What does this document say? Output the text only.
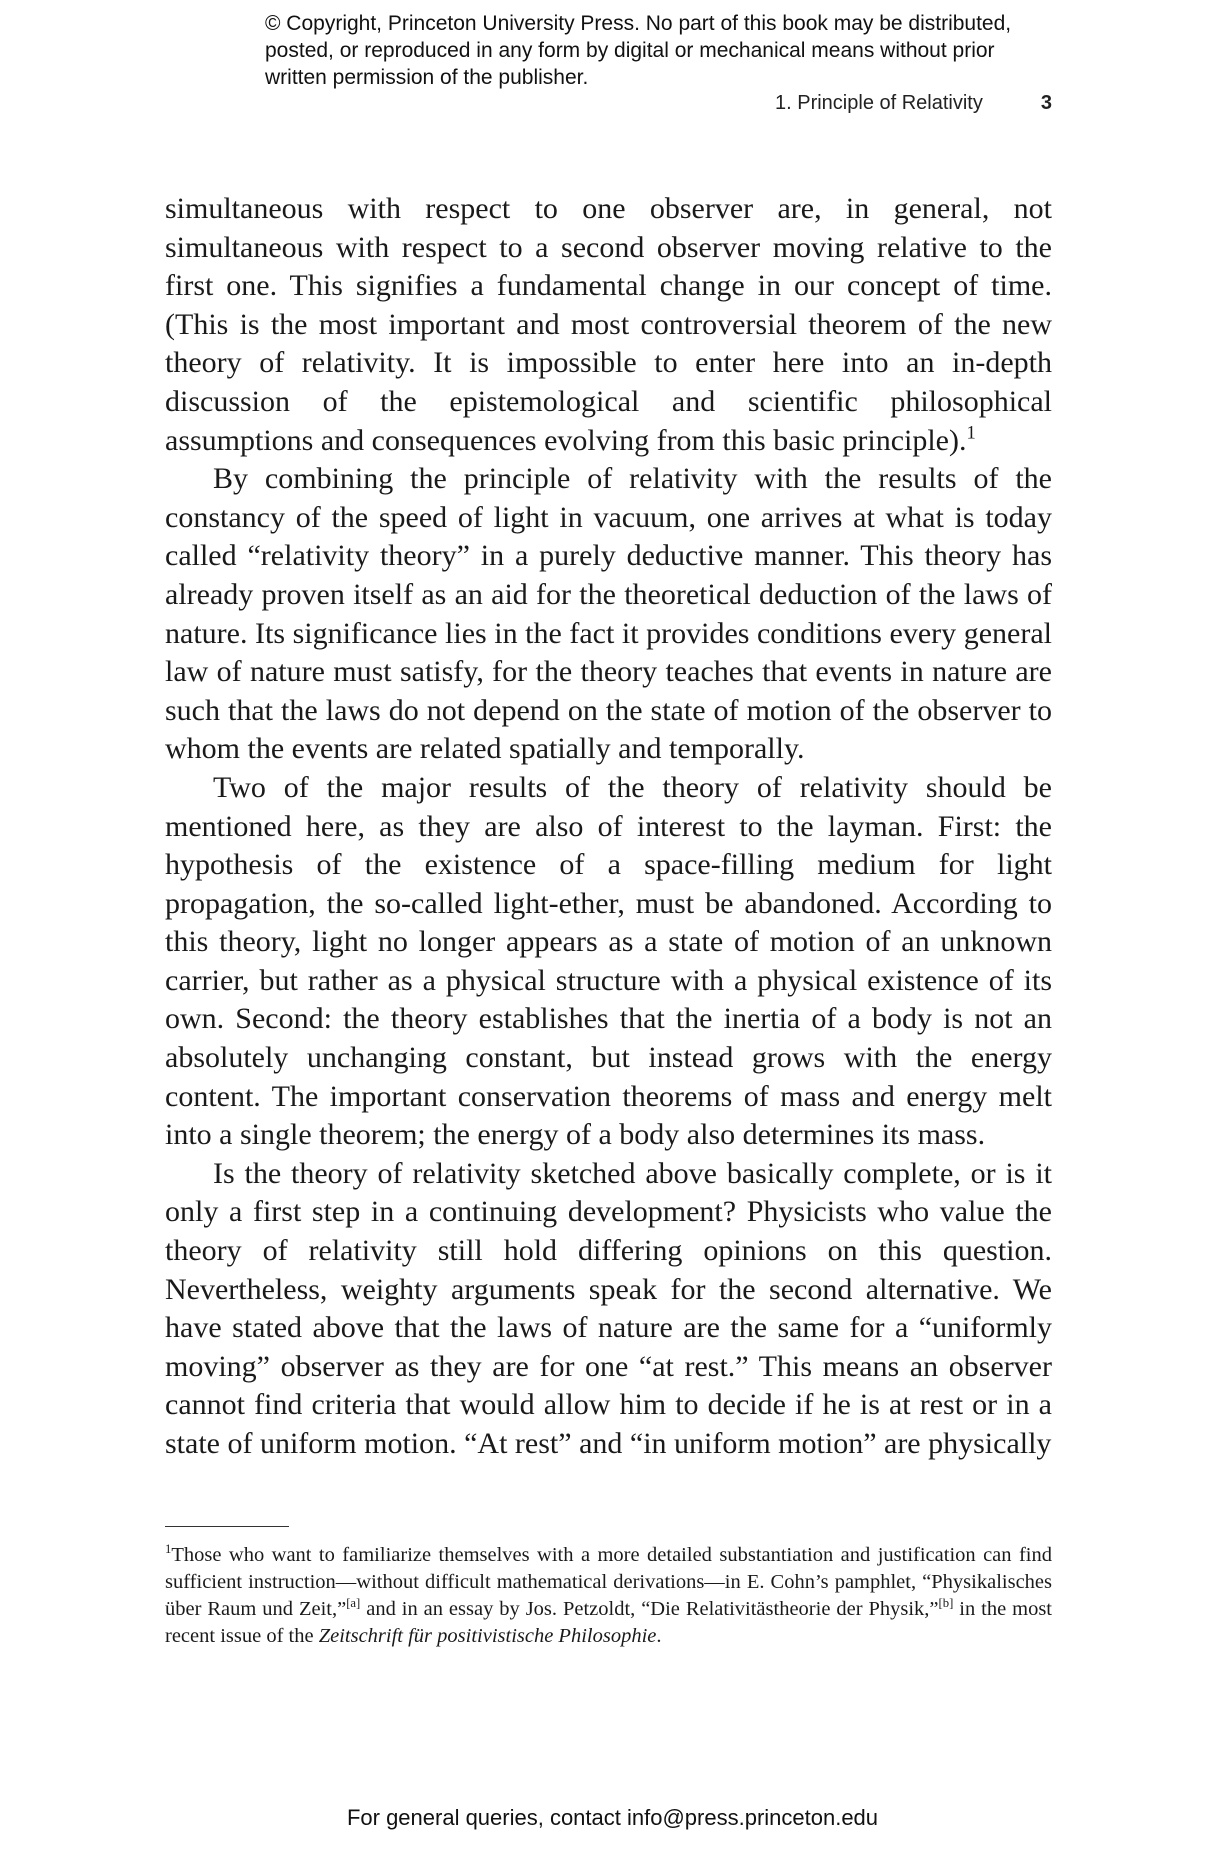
© Copyright, Princeton University Press. No part of this book may be distributed, posted, or reproduced in any form by digital or mechanical means without prior written permission of the publisher.
1. Principle of Relativity	3

simultaneous with respect to one observer are, in general, not simultaneous with respect to a second observer moving relative to the first one. This signifies a fundamental change in our concept of time. (This is the most important and most controversial theorem of the new theory of relativity. It is impossible to enter here into an in-depth discussion of the epistemological and scientific philosophical assumptions and consequences evolving from this basic principle).$^1$

By combining the principle of relativity with the results of the constancy of the speed of light in vacuum, one arrives at what is today called “relativity theory” in a purely deductive manner. This theory has already proven itself as an aid for the theoretical deduction of the laws of nature. Its significance lies in the fact it provides conditions every general law of nature must satisfy, for the theory teaches that events in nature are such that the laws do not depend on the state of motion of the observer to whom the events are related spatially and temporally.

Two of the major results of the theory of relativity should be mentioned here, as they are also of interest to the layman. First: the hypothesis of the existence of a space-filling medium for light propagation, the so-called light-ether, must be abandoned. According to this theory, light no longer appears as a state of motion of an unknown carrier, but rather as a physical structure with a physical existence of its own. Second: the theory establishes that the inertia of a body is not an absolutely unchanging constant, but instead grows with the energy content. The important conservation theorems of mass and energy melt into a single theorem; the energy of a body also determines its mass.

Is the theory of relativity sketched above basically complete, or is it only a first step in a continuing development? Physicists who value the theory of relativity still hold differing opinions on this question. Nevertheless, weighty arguments speak for the second alternative. We have stated above that the laws of nature are the same for a “uniformly moving” observer as they are for one “at rest.” This means an observer cannot find criteria that would allow him to decide if he is at rest or in a state of uniform motion. “At rest” and “in uniform motion” are physically

$^1$Those who want to familiarize themselves with a more detailed substantiation and justification can find sufficient instruction—without difficult mathematical derivations—in E. Cohn’s pamphlet, “Physikalisches über Raum und Zeit,”[a] and in an essay by Jos. Petzoldt, “Die Relativitästheorie der Physik,”[b] in the most recent issue of the Zeitschrift für positivistische Philosophie.

For general queries, contact info@press.princeton.edu
